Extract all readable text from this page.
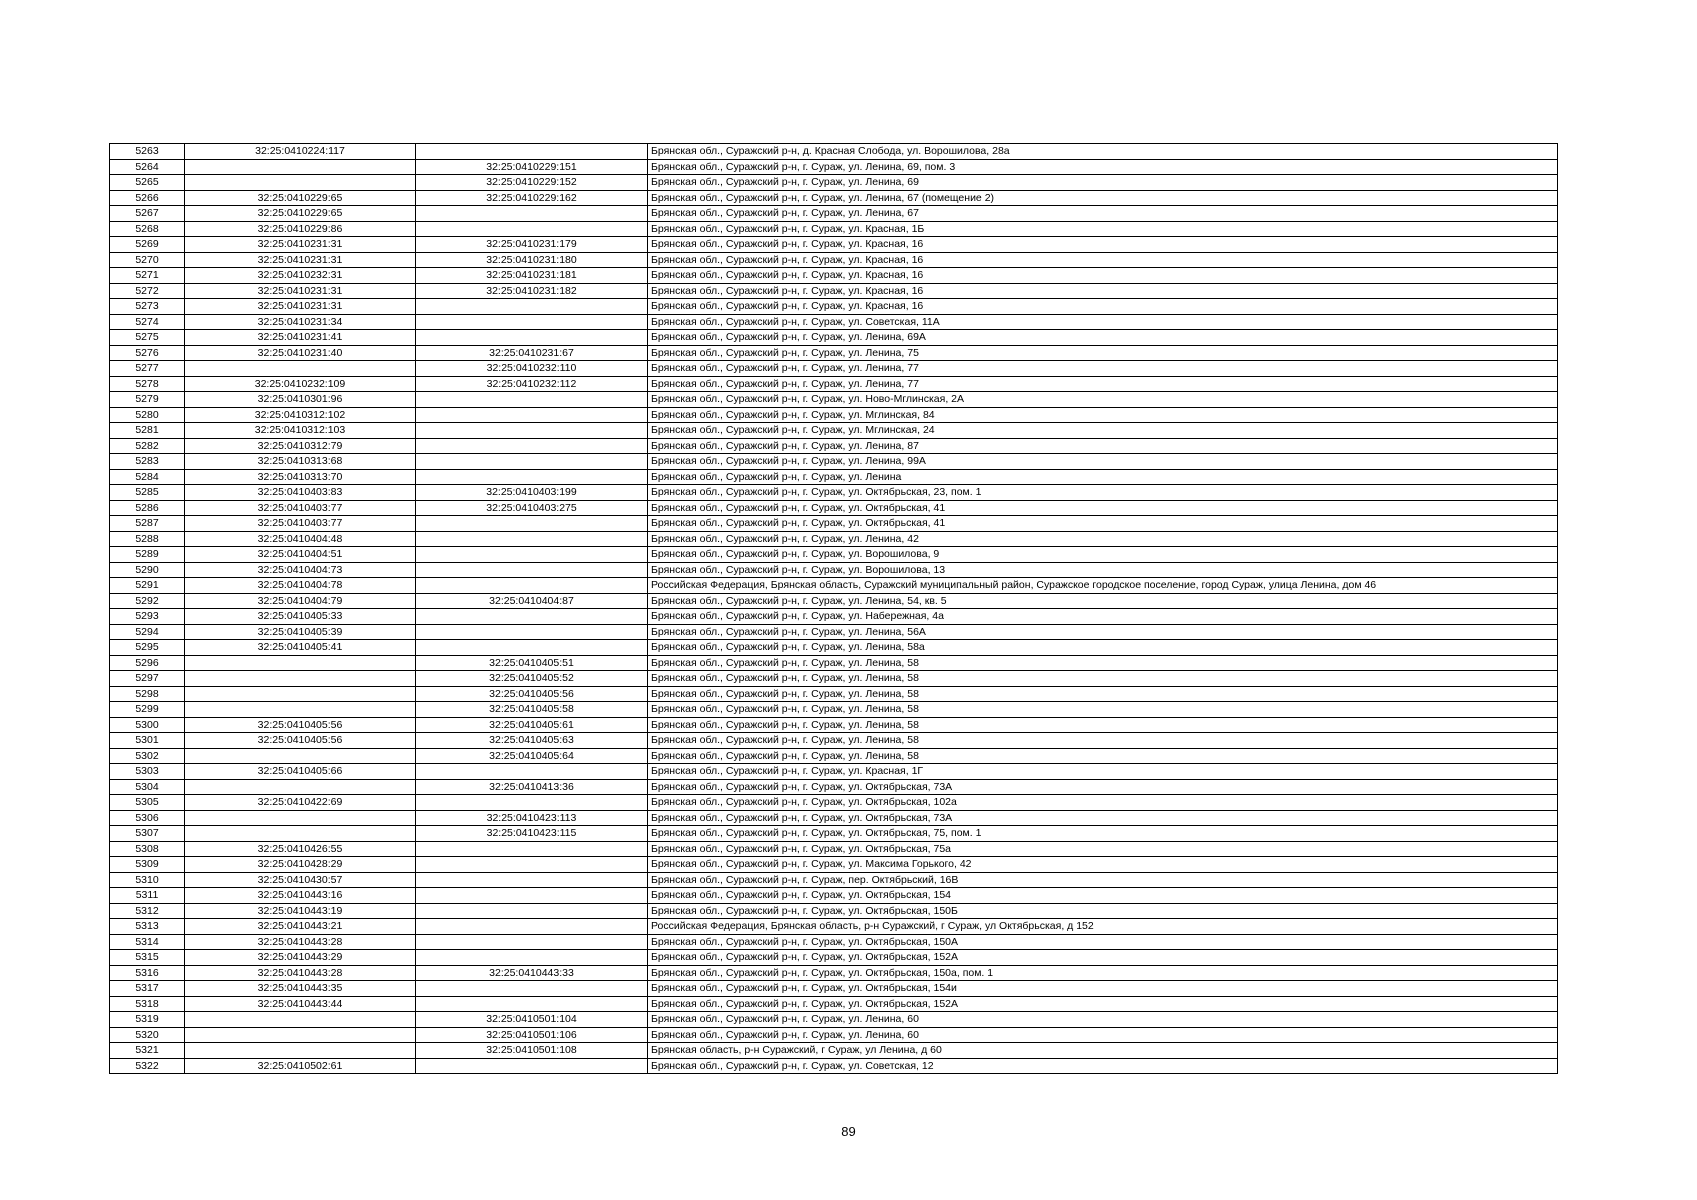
5263	32:25:0410224:117		Брянская обл., Суражский р-н, д. Красная Слобода, ул. Ворошилова, 28а
5264		32:25:0410229:151	Брянская обл., Суражский р-н, г. Сураж, ул. Ленина, 69, пом. 3
5265		32:25:0410229:152	Брянская обл., Суражский р-н, г. Сураж, ул. Ленина, 69
5266	32:25:0410229:65	32:25:0410229:162	Брянская обл., Суражский р-н, г. Сураж, ул. Ленина, 67 (помещение 2)
5267	32:25:0410229:65		Брянская обл., Суражский р-н, г. Сураж, ул. Ленина, 67
5268	32:25:0410229:86		Брянская обл., Суражский р-н, г. Сураж, ул. Красная, 1Б
5269	32:25:0410231:31	32:25:0410231:179	Брянская обл., Суражский р-н, г. Сураж, ул. Красная, 16
5270	32:25:0410231:31	32:25:0410231:180	Брянская обл., Суражский р-н, г. Сураж, ул. Красная, 16
5271	32:25:0410232:31	32:25:0410231:181	Брянская обл., Суражский р-н, г. Сураж, ул. Красная, 16
5272	32:25:0410231:31	32:25:0410231:182	Брянская обл., Суражский р-н, г. Сураж, ул. Красная, 16
5273	32:25:0410231:31		Брянская обл., Суражский р-н, г. Сураж, ул. Красная, 16
5274	32:25:0410231:34		Брянская обл., Суражский р-н, г. Сураж, ул. Советская, 11А
5275	32:25:0410231:41		Брянская обл., Суражский р-н, г. Сураж, ул. Ленина, 69А
5276	32:25:0410231:40	32:25:0410231:67	Брянская обл., Суражский р-н, г. Сураж, ул. Ленина, 75
5277		32:25:0410232:110	Брянская обл., Суражский р-н, г. Сураж, ул. Ленина, 77
5278	32:25:0410232:109	32:25:0410232:112	Брянская обл., Суражский р-н, г. Сураж, ул. Ленина, 77
5279	32:25:0410301:96		Брянская обл., Суражский р-н, г. Сураж, ул. Ново-Мглинская, 2А
5280	32:25:0410312:102		Брянская обл., Суражский р-н, г. Сураж, ул. Мглинская, 84
5281	32:25:0410312:103		Брянская обл., Суражский р-н, г. Сураж, ул. Мглинская, 24
5282	32:25:0410312:79		Брянская обл., Суражский р-н, г. Сураж, ул. Ленина, 87
5283	32:25:0410313:68		Брянская обл., Суражский р-н, г. Сураж, ул. Ленина, 99А
5284	32:25:0410313:70		Брянская обл., Суражский р-н, г. Сураж, ул. Ленина
5285	32:25:0410403:83	32:25:0410403:199	Брянская обл., Суражский р-н, г. Сураж, ул. Октябрьская, 23, пом. 1
5286	32:25:0410403:77	32:25:0410403:275	Брянская обл., Суражский р-н, г. Сураж, ул. Октябрьская, 41
5287	32:25:0410403:77		Брянская обл., Суражский р-н, г. Сураж, ул. Октябрьская, 41
5288	32:25:0410404:48		Брянская обл., Суражский р-н, г. Сураж, ул. Ленина, 42
5289	32:25:0410404:51		Брянская обл., Суражский р-н, г. Сураж, ул. Ворошилова, 9
5290	32:25:0410404:73		Брянская обл., Суражский р-н, г. Сураж, ул. Ворошилова, 13
5291	32:25:0410404:78		Российская Федерация, Брянская область, Суражский муниципальный район, Суражское городское поселение, город Сураж, улица Ленина, дом 46
5292	32:25:0410404:79	32:25:0410404:87	Брянская обл., Суражский р-н, г. Сураж, ул. Ленина, 54, кв. 5
5293	32:25:0410405:33		Брянская обл., Суражский р-н, г. Сураж, ул. Набережная, 4а
5294	32:25:0410405:39		Брянская обл., Суражский р-н, г. Сураж, ул. Ленина, 56А
5295	32:25:0410405:41		Брянская обл., Суражский р-н, г. Сураж, ул. Ленина, 58а
5296		32:25:0410405:51	Брянская обл., Суражский р-н, г. Сураж, ул. Ленина, 58
5297		32:25:0410405:52	Брянская обл., Суражский р-н, г. Сураж, ул. Ленина, 58
5298		32:25:0410405:56	Брянская обл., Суражский р-н, г. Сураж, ул. Ленина, 58
5299		32:25:0410405:58	Брянская обл., Суражский р-н, г. Сураж, ул. Ленина, 58
5300	32:25:0410405:56	32:25:0410405:61	Брянская обл., Суражский р-н, г. Сураж, ул. Ленина, 58
5301	32:25:0410405:56	32:25:0410405:63	Брянская обл., Суражский р-н, г. Сураж, ул. Ленина, 58
5302		32:25:0410405:64	Брянская обл., Суражский р-н, г. Сураж, ул. Ленина, 58
5303	32:25:0410405:66		Брянская обл., Суражский р-н, г. Сураж, ул. Красная, 1Г
5304		32:25:0410413:36	Брянская обл., Суражский р-н, г. Сураж, ул. Октябрьская, 73А
5305	32:25:0410422:69		Брянская обл., Суражский р-н, г. Сураж, ул. Октябрьская, 102а
5306		32:25:0410423:113	Брянская обл., Суражский р-н, г. Сураж, ул. Октябрьская, 73А
5307		32:25:0410423:115	Брянская обл., Суражский р-н, г. Сураж, ул. Октябрьская, 75, пом. 1
5308	32:25:0410426:55		Брянская обл., Суражский р-н, г. Сураж, ул. Октябрьская, 75а
5309	32:25:0410428:29		Брянская обл., Суражский р-н, г. Сураж, ул. Максима Горького, 42
5310	32:25:0410430:57		Брянская обл., Суражский р-н, г. Сураж, пер. Октябрьский, 16В
5311	32:25:0410443:16		Брянская обл., Суражский р-н, г. Сураж, ул. Октябрьская, 154
5312	32:25:0410443:19		Брянская обл., Суражский р-н, г. Сураж, ул. Октябрьская, 150Б
5313	32:25:0410443:21		Российская Федерация, Брянская область, р-н Суражский, г Сураж, ул Октябрьская, д 152
5314	32:25:0410443:28		Брянская обл., Суражский р-н, г. Сураж, ул. Октябрьская, 150А
5315	32:25:0410443:29		Брянская обл., Суражский р-н, г. Сураж, ул. Октябрьская, 152А
5316	32:25:0410443:28	32:25:0410443:33	Брянская обл., Суражский р-н, г. Сураж, ул. Октябрьская, 150а, пом. 1
5317	32:25:0410443:35		Брянская обл., Суражский р-н, г. Сураж, ул. Октябрьская, 154и
5318	32:25:0410443:44		Брянская обл., Суражский р-н, г. Сураж, ул. Октябрьская, 152А
5319		32:25:0410501:104	Брянская обл., Суражский р-н, г. Сураж, ул. Ленина, 60
5320		32:25:0410501:106	Брянская обл., Суражский р-н, г. Сураж, ул. Ленина, 60
5321		32:25:0410501:108	Брянская область, р-н Суражский, г Сураж, ул Ленина, д 60
5322	32:25:0410502:61		Брянская обл., Суражский р-н, г. Сураж, ул. Советская, 12
89
